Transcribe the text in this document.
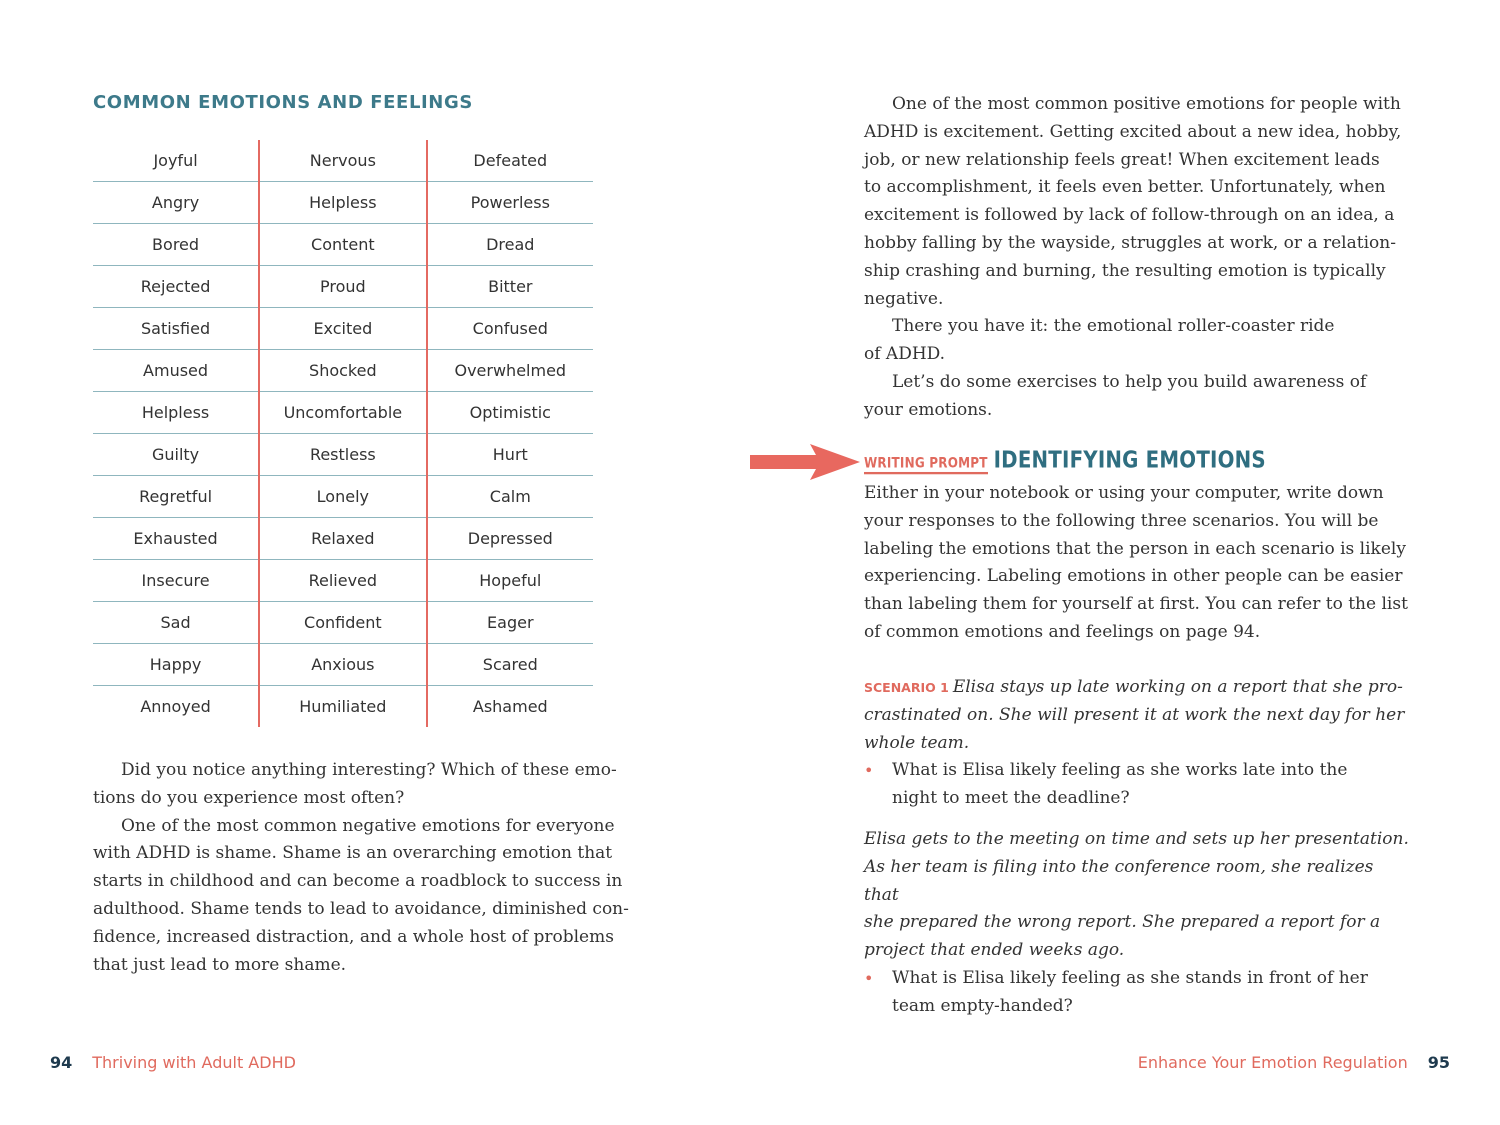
COMMON EMOTIONS AND FEELINGS
Joyful	Nervous	Defeated
Angry	Helpless	Powerless
Bored	Content	Dread
Rejected	Proud	Bitter
Satisfied	Excited	Confused
Amused	Shocked	Overwhelmed
Helpless	Uncomfortable	Optimistic
Guilty	Restless	Hurt
Regretful	Lonely	Calm
Exhausted	Relaxed	Depressed
Insecure	Relieved	Hopeful
Sad	Confident	Eager
Happy	Anxious	Scared
Annoyed	Humiliated	Ashamed

Did you notice anything interesting? Which of these emo-
tions do you experience most often?

One of the most common negative emotions for everyone
with ADHD is shame. Shame is an overarching emotion that
starts in childhood and can become a roadblock to success in
adulthood. Shame tends to lead to avoidance, diminished con-
fidence, increased distraction, and a whole host of problems
that just lead to more shame.

94 Thriving with Adult ADHD

One of the most common positive emotions for people with
ADHD is excitement. Getting excited about a new idea, hobby,
job, or new relationship feels great! When excitement leads
to accomplishment, it feels even better. Unfortunately, when
excitement is followed by lack of follow-through on an idea, a
hobby falling by the wayside, struggles at work, or a relation-
ship crashing and burning, the resulting emotion is typically
negative.

There you have it: the emotional roller-coaster ride
of ADHD.

Let’s do some exercises to help you build awareness of
your emotions.

WRITING PROMPT IDENTIFYING EMOTIONS

Either in your notebook or using your computer, write down
your responses to the following three scenarios. You will be
labeling the emotions that the person in each scenario is likely
experiencing. Labeling emotions in other people can be easier
than labeling them for yourself at first. You can refer to the list
of common emotions and feelings on page 94.

SCENARIO 1 Elisa stays up late working on a report that she pro-
crastinated on. She will present it at work the next day for her
whole team.

• What is Elisa likely feeling as she works late into the
night to meet the deadline?

Elisa gets to the meeting on time and sets up her presentation.
As her team is filing into the conference room, she realizes that
she prepared the wrong report. She prepared a report for a
project that ended weeks ago.

• What is Elisa likely feeling as she stands in front of her
team empty-handed?
Enhance Your Emotion Regulation 95
